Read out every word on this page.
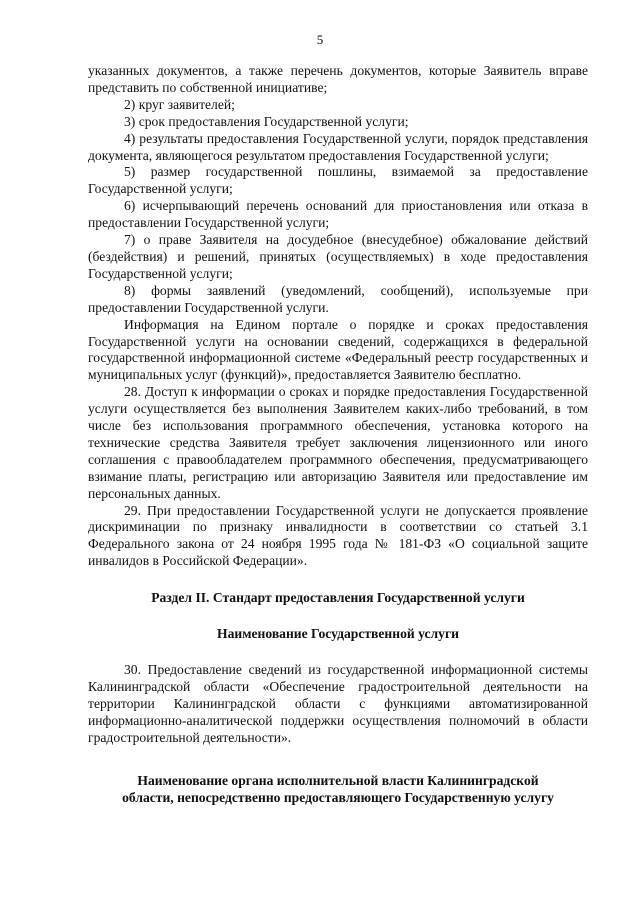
5

указанных документов, а также перечень документов, которые Заявитель вправе представить по собственной инициативе;

2) круг заявителей;

3) срок предоставления Государственной услуги;

4) результаты предоставления Государственной услуги, порядок представления документа, являющегося результатом предоставления Государственной услуги;

5) размер государственной пошлины, взимаемой за предоставление Государственной услуги;

6) исчерпывающий перечень оснований для приостановления или отказа в предоставлении Государственной услуги;

7) о праве Заявителя на досудебное (внесудебное) обжалование действий (бездействия) и решений, принятых (осуществляемых) в ходе предоставления Государственной услуги;

8) формы заявлений (уведомлений, сообщений), используемые при предоставлении Государственной услуги.

Информация на Едином портале о порядке и сроках предоставления Государственной услуги на основании сведений, содержащихся в федеральной государственной информационной системе «Федеральный реестр государственных и муниципальных услуг (функций)», предоставляется Заявителю бесплатно.

28. Доступ к информации о сроках и порядке предоставления Государственной услуги осуществляется без выполнения Заявителем каких-либо требований, в том числе без использования программного обеспечения, установка которого на технические средства Заявителя требует заключения лицензионного или иного соглашения с правообладателем программного обеспечения, предусматривающего взимание платы, регистрацию или авторизацию Заявителя или предоставление им персональных данных.

29. При предоставлении Государственной услуги не допускается проявление дискриминации по признаку инвалидности в соответствии со статьей 3.1 Федерального закона от 24 ноября 1995 года № 181-ФЗ «О социальной защите инвалидов в Российской Федерации».

Раздел II. Стандарт предоставления Государственной услуги

Наименование Государственной услуги

30. Предоставление сведений из государственной информационной системы Калининградской области «Обеспечение градостроительной деятельности на территории Калининградской области с функциями автоматизированной информационно-аналитической поддержки осуществления полномочий в области градостроительной деятельности».

Наименование органа исполнительной власти Калининградской
области, непосредственно предоставляющего Государственную услугу
